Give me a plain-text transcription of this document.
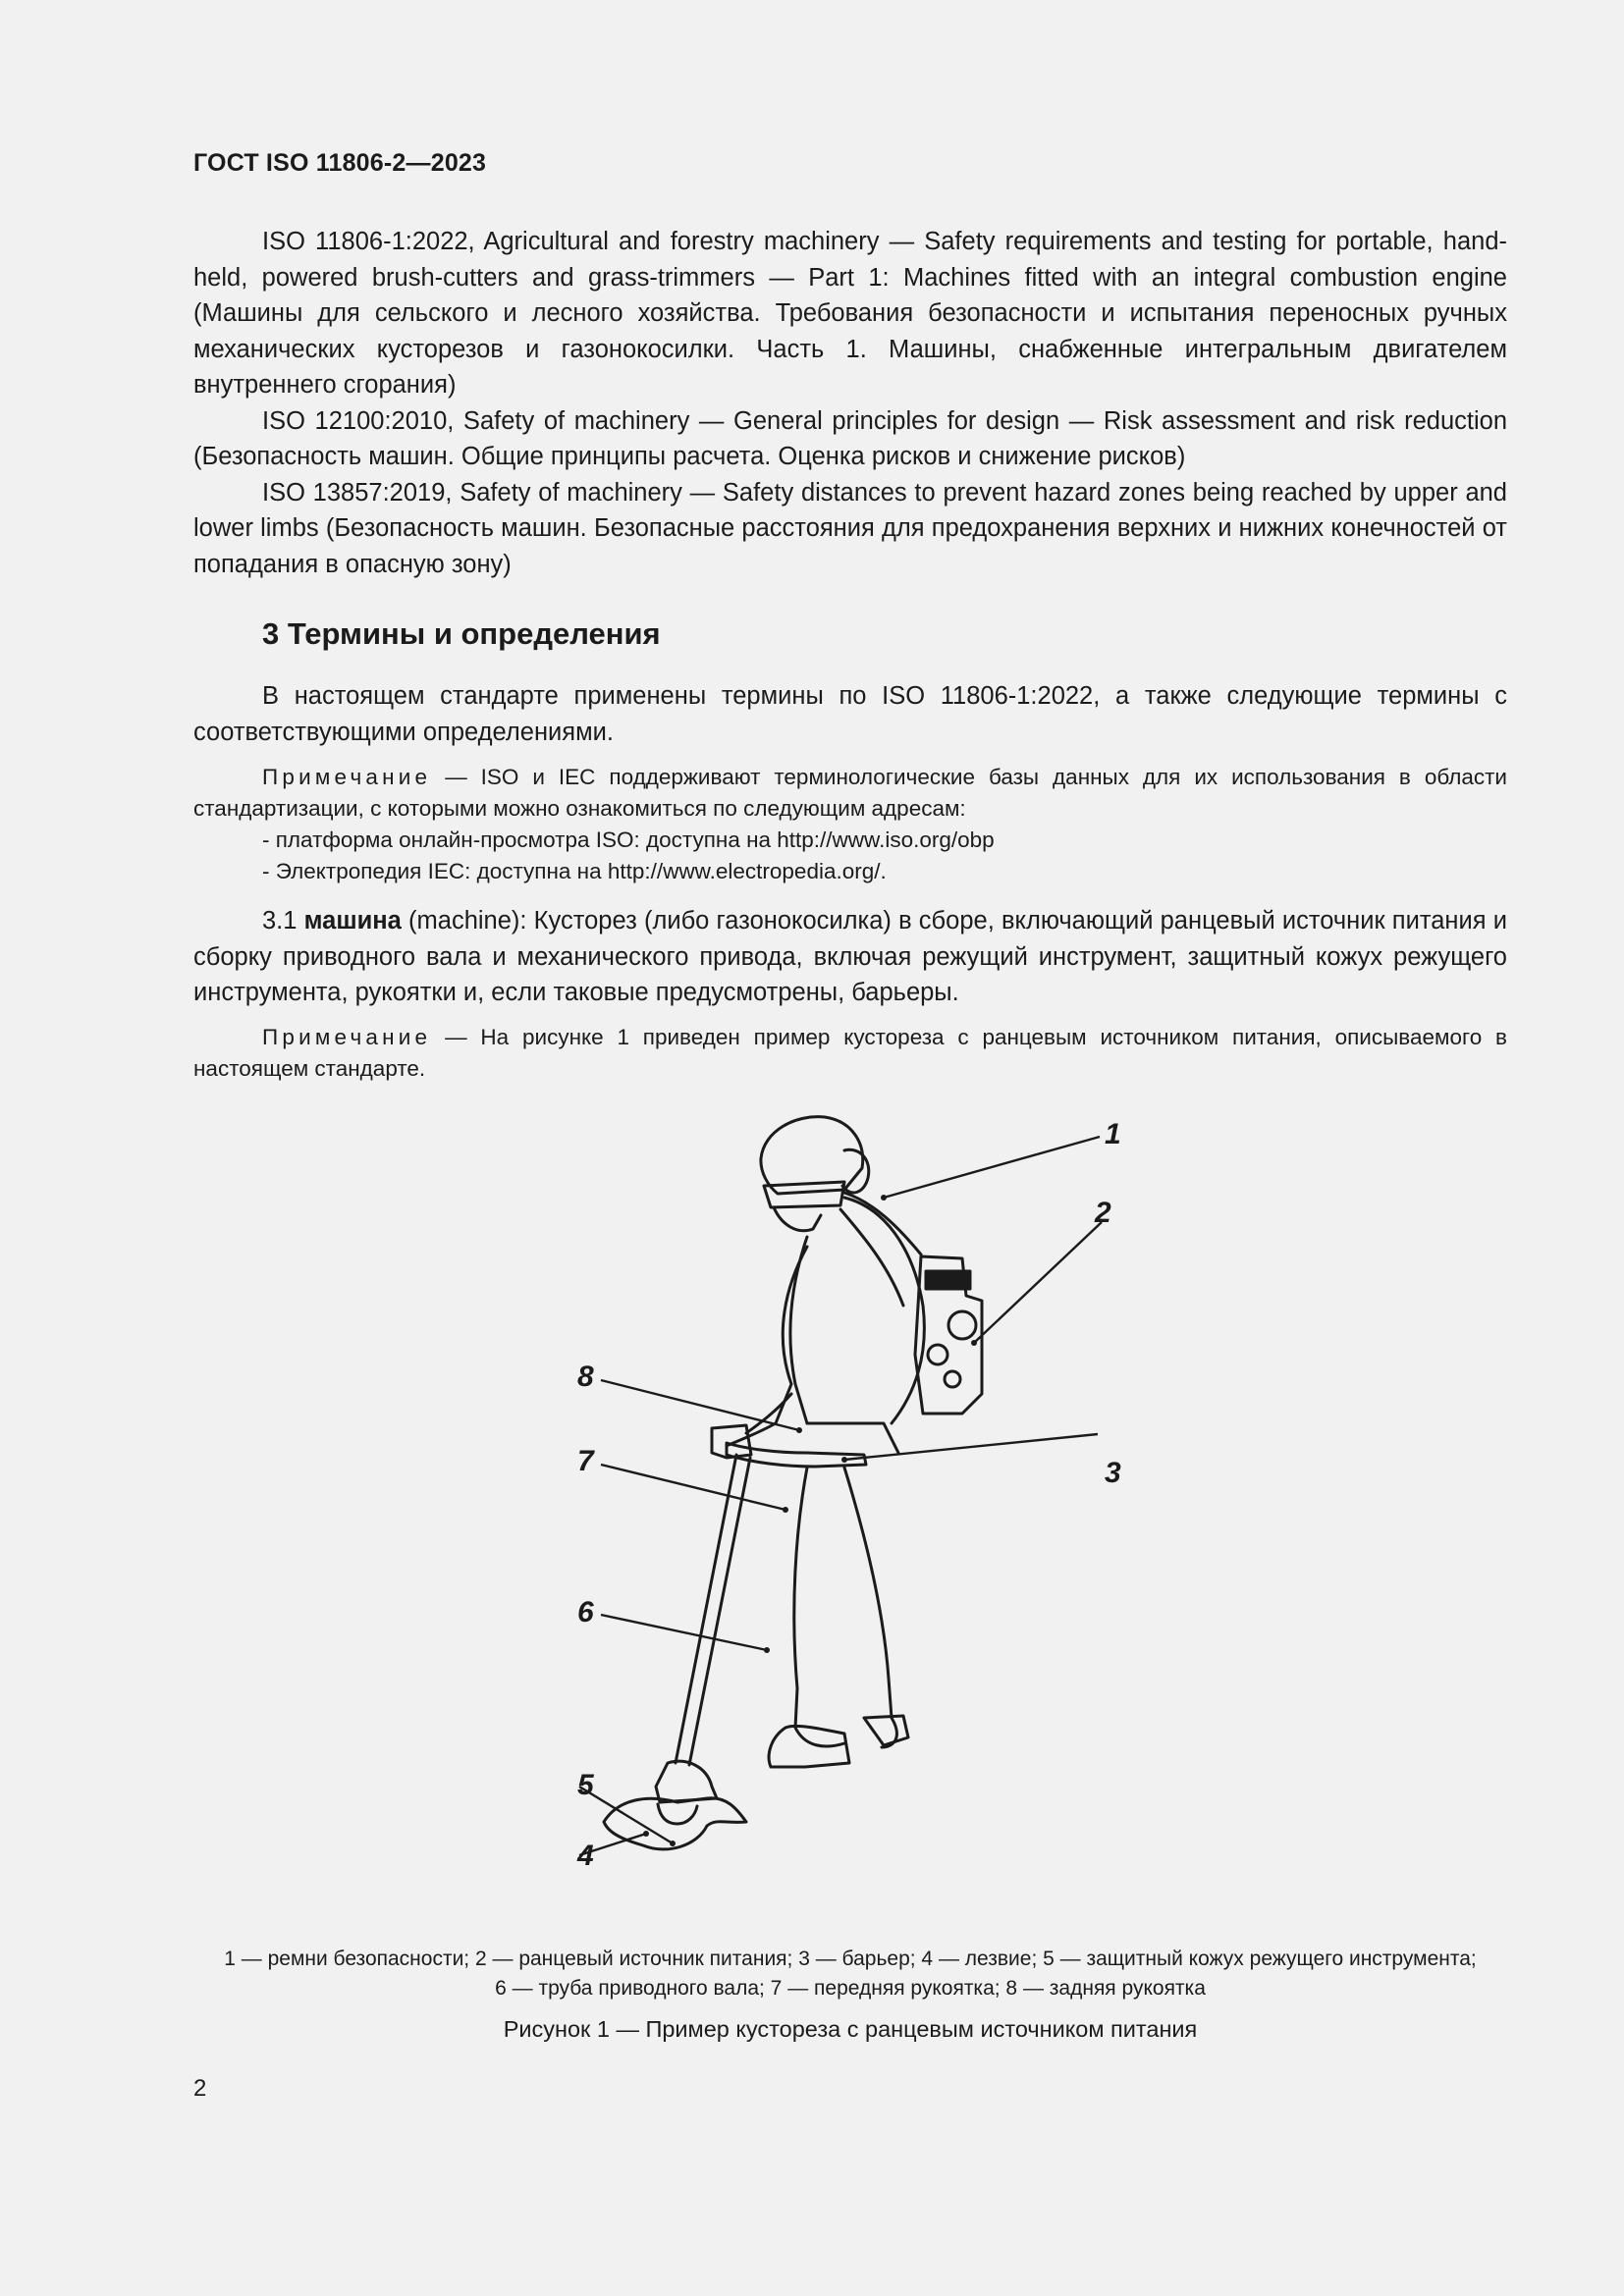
ГОСТ ISO 11806-2—2023

ISO 11806-1:2022, Agricultural and forestry machinery — Safety requirements and testing for portable, hand-held, powered brush-cutters and grass-trimmers — Part 1: Machines fitted with an integral combustion engine (Машины для сельского и лесного хозяйства. Требования безопасности и испытания переносных ручных механических кусторезов и газонокосилки. Часть 1. Машины, снабженные интегральным двигателем внутреннего сгорания)

ISO 12100:2010, Safety of machinery — General principles for design — Risk assessment and risk reduction (Безопасность машин. Общие принципы расчета. Оценка рисков и снижение рисков)

ISO 13857:2019, Safety of machinery — Safety distances to prevent hazard zones being reached by upper and lower limbs (Безопасность машин. Безопасные расстояния для предохранения верхних и нижних конечностей от попадания в опасную зону)

3 Термины и определения

В настоящем стандарте применены термины по ISO 11806-1:2022, а также следующие термины с соответствующими определениями.

Примечание — ISO и IEC поддерживают терминологические базы данных для их использования в области стандартизации, с которыми можно ознакомиться по следующим адресам:

- платформа онлайн-просмотра ISO: доступна на http://www.iso.org/obp
- Электропедия IEC: доступна на http://www.electropedia.org/.

3.1 машина (machine): Кусторез (либо газонокосилка) в сборе, включающий ранцевый источник питания и сборку приводного вала и механического привода, включая режущий инструмент, защитный кожух режущего инструмента, рукоятки и, если таковые предусмотрены, барьеры.

Примечание — На рисунке 1 приведен пример кустореза с ранцевым источником питания, описываемого в настоящем стандарте.

1
2
3
4
5
6
7
8
1 — ремни безопасности; 2 — ранцевый источник питания; 3 — барьер; 4 — лезвие; 5 — защитный кожух режущего инструмента;
6 — труба приводного вала; 7 — передняя рукоятка; 8 — задняя рукоятка
Рисунок 1 — Пример кустореза с ранцевым источником питания
2
